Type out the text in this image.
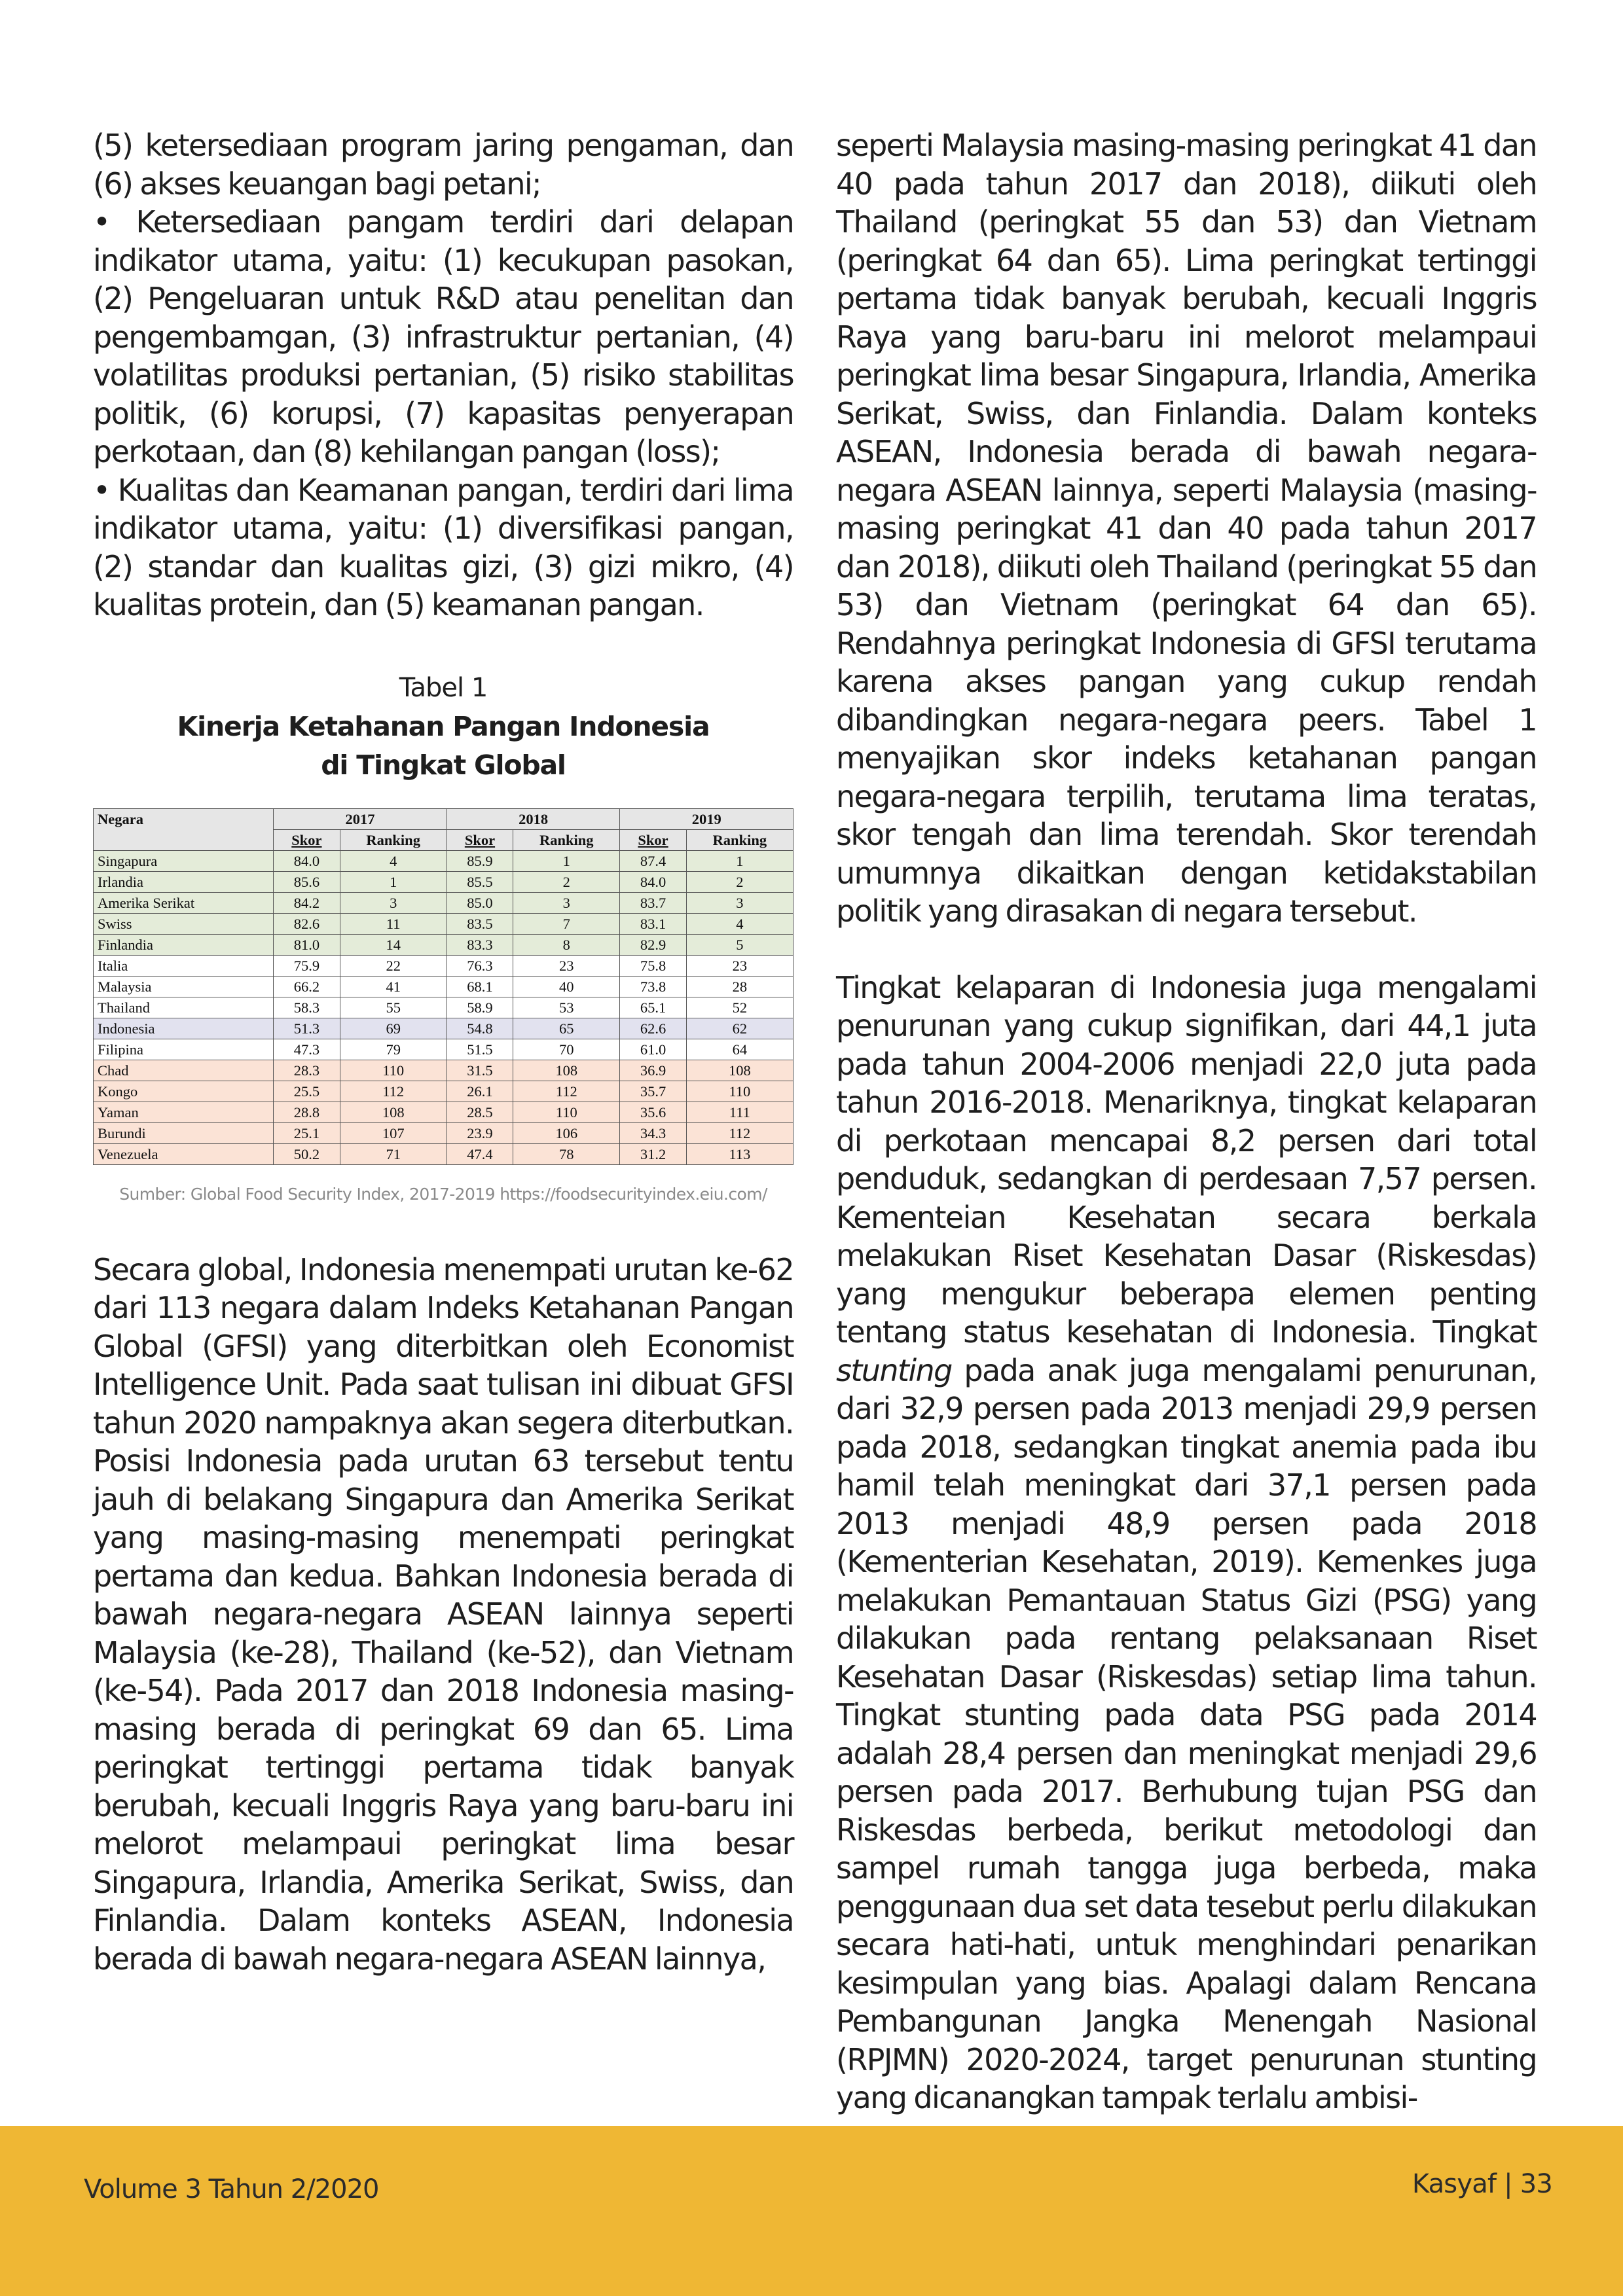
(5) ketersediaan program jaring pengaman, dan (6) akses keuangan bagi petani;

• Ketersediaan pangam terdiri dari delapan indikator utama, yaitu: (1) kecukupan pasokan, (2) Pengeluaran untuk R&D atau penelitan dan pengembamgan, (3) infrastruktur pertanian, (4) volatilitas produksi pertanian, (5) risiko stabilitas politik, (6) korupsi, (7) kapasitas penyerapan perkotaan, dan (8) kehilangan pangan (loss);

• Kualitas dan Keamanan pangan, terdiri dari lima indikator utama, yaitu: (1) diversifikasi pangan, (2) standar dan kualitas gizi, (3) gizi mikro, (4) kualitas protein, dan (5) keamanan pangan.

Tabel 1
Kinerja Ketahanan Pangan Indonesia
di Tingkat Global
Negara	2017		2018		2019	
	Skor	Ranking	Skor	Ranking	Skor	Ranking
Singapura	84.0	4	85.9	1	87.4	1
Irlandia	85.6	1	85.5	2	84.0	2
Amerika Serikat	84.2	3	85.0	3	83.7	3
Swiss	82.6	11	83.5	7	83.1	4
Finlandia	81.0	14	83.3	8	82.9	5
Italia	75.9	22	76.3	23	75.8	23
Malaysia	66.2	41	68.1	40	73.8	28
Thailand	58.3	55	58.9	53	65.1	52
Indonesia	51.3	69	54.8	65	62.6	62
Filipina	47.3	79	51.5	70	61.0	64
Chad	28.3	110	31.5	108	36.9	108
Kongo	25.5	112	26.1	112	35.7	110
Yaman	28.8	108	28.5	110	35.6	111
Burundi	25.1	107	23.9	106	34.3	112
Venezuela	50.2	71	47.4	78	31.2	113
Sumber: Global Food Security Index, 2017-2019 https://foodsecurityindex.eiu.com/

Secara global, Indonesia menempati urutan ke-62 dari 113 negara dalam Indeks Ketahanan Pangan Global (GFSI) yang diterbitkan oleh Economist Intelligence Unit. Pada saat tulisan ini dibuat GFSI tahun 2020 nampaknya akan segera diterbutkan. Posisi Indonesia pada urutan 63 tersebut tentu jauh di belakang Singapura dan Amerika Serikat yang masing-masing menempati peringkat pertama dan kedua. Bahkan Indonesia berada di bawah negara-negara ASEAN lainnya seperti Malaysia (ke-28), Thailand (ke-52), dan Vietnam (ke-54). Pada 2017 dan 2018 Indonesia masing-masing berada di peringkat 69 dan 65. Lima peringkat tertinggi pertama tidak banyak berubah, kecuali Inggris Raya yang baru-baru ini melorot melampaui peringkat lima besar Singapura, Irlandia, Amerika Serikat, Swiss, dan Finlandia. Dalam konteks ASEAN, Indonesia berada di bawah negara-negara ASEAN lainnya,

seperti Malaysia masing-masing peringkat 41 dan 40 pada tahun 2017 dan 2018), diikuti oleh Thailand (peringkat 55 dan 53) dan Vietnam (peringkat 64 dan 65). Lima peringkat tertinggi pertama tidak banyak berubah, kecuali Inggris Raya yang baru-baru ini melorot melampaui peringkat lima besar Singapura, Irlandia, Amerika Serikat, Swiss, dan Finlandia. Dalam konteks ASEAN, Indonesia berada di bawah negara-negara ASEAN lainnya, seperti Malaysia (masing-masing peringkat 41 dan 40 pada tahun 2017 dan 2018), diikuti oleh Thailand (peringkat 55 dan 53) dan Vietnam (peringkat 64 dan 65). Rendahnya peringkat Indonesia di GFSI terutama karena akses pangan yang cukup rendah dibandingkan negara-negara peers. Tabel 1 menyajikan skor indeks ketahanan pangan negara-negara terpilih, terutama lima teratas, skor tengah dan lima terendah. Skor terendah umumnya dikaitkan dengan ketidakstabilan politik yang dirasakan di negara tersebut.

Tingkat kelaparan di Indonesia juga mengalami penurunan yang cukup signifikan, dari 44,1 juta pada tahun 2004-2006 menjadi 22,0 juta pada tahun 2016-2018. Menariknya, tingkat kelaparan di perkotaan mencapai 8,2 persen dari total penduduk, sedangkan di perdesaan 7,57 persen. Kementeian Kesehatan secara berkala melakukan Riset Kesehatan Dasar (Riskesdas) yang mengukur beberapa elemen penting tentang status kesehatan di Indonesia. Tingkat stunting pada anak juga mengalami penurunan, dari 32,9 persen pada 2013 menjadi 29,9 persen pada 2018, sedangkan tingkat anemia pada ibu hamil telah meningkat dari 37,1 persen pada 2013 menjadi 48,9 persen pada 2018 (Kementerian Kesehatan, 2019). Kemenkes juga melakukan Pemantauan Status Gizi (PSG) yang dilakukan pada rentang pelaksanaan Riset Kesehatan Dasar (Riskesdas) setiap lima tahun. Tingkat stunting pada data PSG pada 2014 adalah 28,4 persen dan meningkat menjadi 29,6 persen pada 2017. Berhubung tujan PSG dan Riskesdas berbeda, berikut metodologi dan sampel rumah tangga juga berbeda, maka penggunaan dua set data tesebut perlu dilakukan secara hati-hati, untuk menghindari penarikan kesimpulan yang bias. Apalagi dalam Rencana Pembangunan Jangka Menengah Nasional (RPJMN) 2020-2024, target penurunan stunting yang dicanangkan tampak terlalu ambisi-

Volume 3 Tahun 2/2020	Kasyaf | 33
